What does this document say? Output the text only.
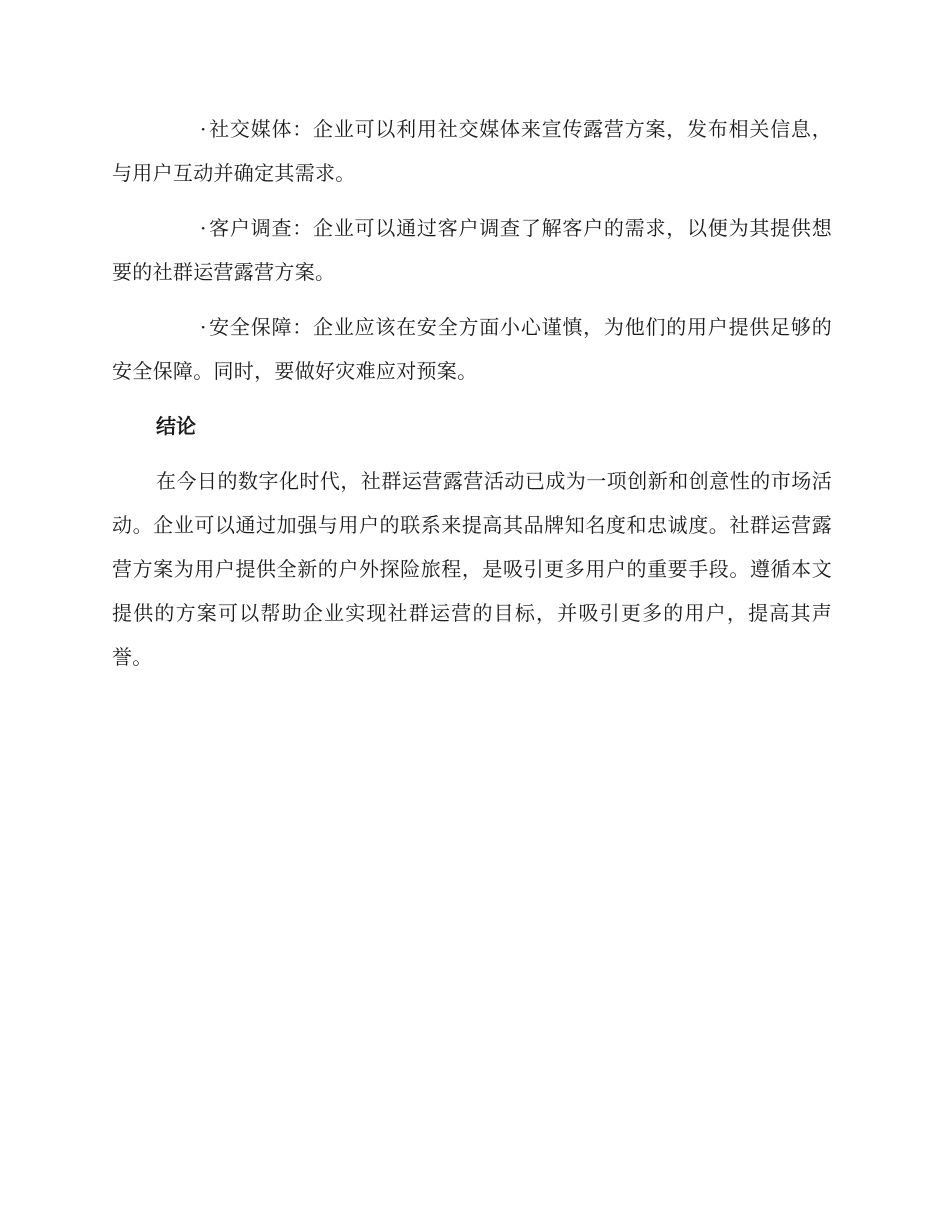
· 社交媒体：企业可以利用社交媒体来宣传露营方案，发布相关信息，与用户互动并确定其需求。

· 客户调查：企业可以通过客户调查了解客户的需求，以便为其提供想要的社群运营露营方案。

· 安全保障：企业应该在安全方面小心谨慎，为他们的用户提供足够的安全保障。同时，要做好灾难应对预案。

结论

在今日的数字化时代，社群运营露营活动已成为一项创新和创意性的市场活动。企业可以通过加强与用户的联系来提高其品牌知名度和忠诚度。社群运营露营方案为用户提供全新的户外探险旅程，是吸引更多用户的重要手段。遵循本文提供的方案可以帮助企业实现社群运营的目标，并吸引更多的用户，提高其声誉。
